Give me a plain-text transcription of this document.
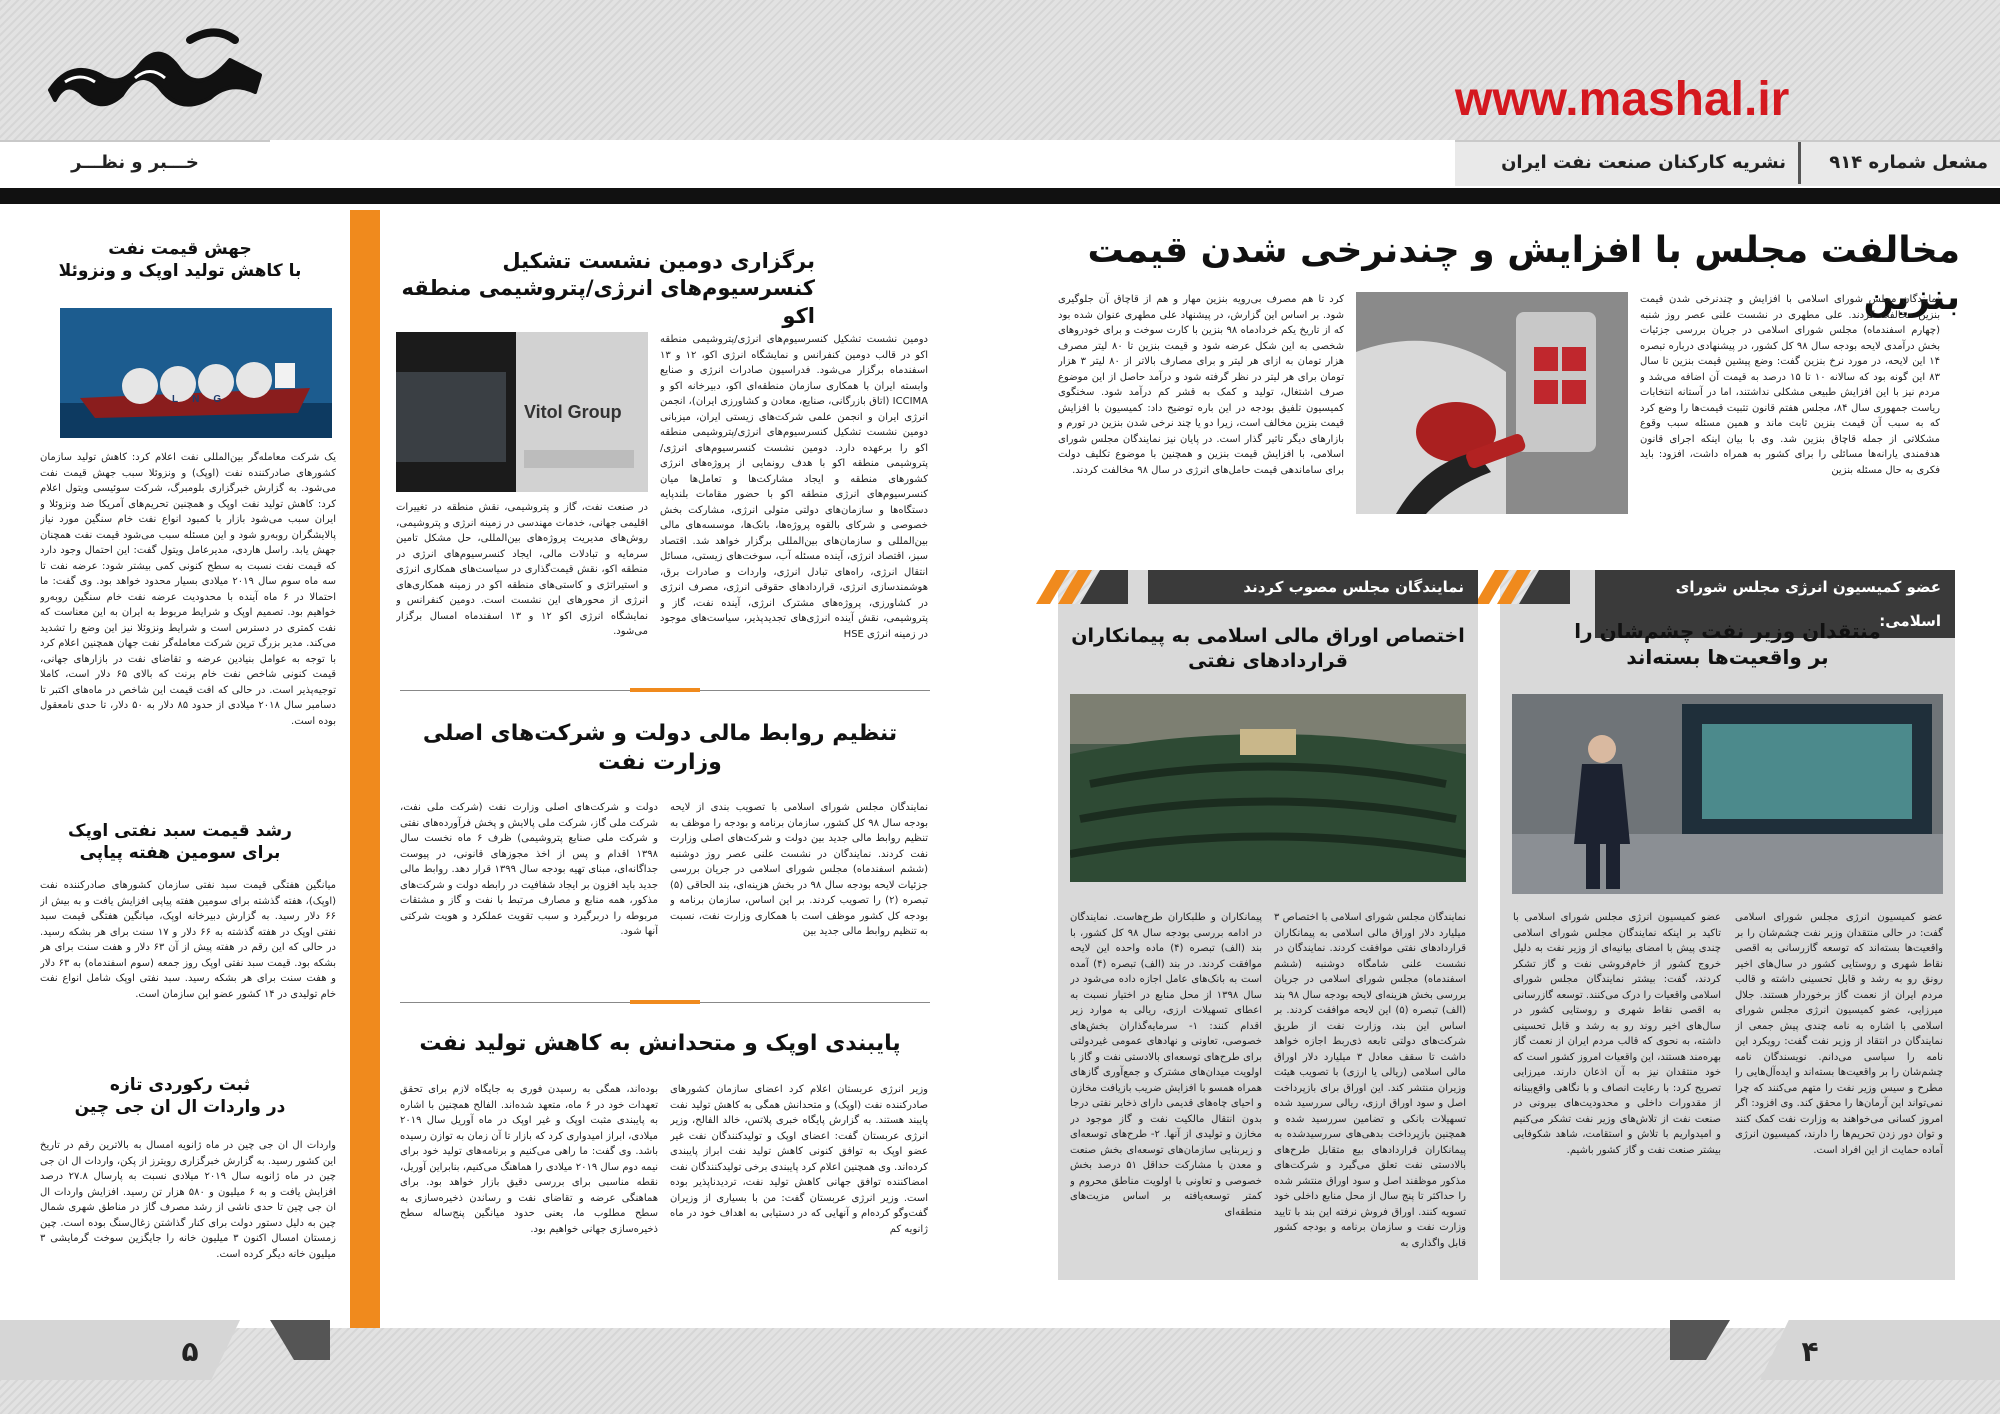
www.mashal.ir
مشعل شماره ۹۱۴
نشریه کارکنان صنعت نفت ایران
خـــبر و نظـــر
مخالفت مجلس با افزایش و چندنرخی شدن قیمت بنزین
نمایندگان مجلس شورای اسلامی با افزایش و چندنرخی شدن قیمت بنزین مخالفت کردند. علی مطهری در نشست علنی عصر روز شنبه (چهارم اسفندماه) مجلس شورای اسلامی در جریان بررسی جزئیات بخش درآمدی لایحه بودجه سال ۹۸ کل کشور، در پیشنهادی درباره تبصره ۱۴ این لایحه، در مورد نرخ بنزین گفت: وضع پیشین قیمت بنزین تا سال ۸۳ این گونه بود که سالانه ۱۰ تا ۱۵ درصد به قیمت آن اضافه می‌شد و مردم نیز با این افزایش طبیعی مشکلی نداشتند، اما در آستانه انتخابات ریاست جمهوری سال ۸۴، مجلس هفتم قانون تثبیت قیمت‌ها را وضع کرد که به سبب آن قیمت بنزین ثابت ماند و همین مسئله سبب وقوع مشکلاتی از جمله قاچاق بنزین شد. وی با بیان اینکه اجرای قانون هدفمندی یارانه‌ها مسائلی را برای کشور به همراه داشت، افزود: باید فکری به حال مسئله بنزین
کرد تا هم مصرف بی‌رویه بنزین مهار و هم از قاچاق آن جلوگیری شود. بر اساس این گزارش، در پیشنهاد علی مطهری عنوان شده بود که از تاریخ یکم خردادماه ۹۸ بنزین با کارت سوخت و برای خودروهای شخصی به این شکل عرضه شود و قیمت بنزین تا ۸۰ لیتر مصرف هزار تومان به ازای هر لیتر و برای مصارف بالاتر از ۸۰ لیتر ۳ هزار تومان برای هر لیتر در نظر گرفته شود و درآمد حاصل از این موضوع صرف اشتغال، تولید و کمک به قشر کم درآمد شود. سخنگوی کمیسیون تلفیق بودجه در این باره توضیح داد: کمیسیون با افزایش قیمت بنزین مخالف است، زیرا دو یا چند نرخی شدن بنزین در تورم و بازارهای دیگر تاثیر گذار است. در پایان نیز نمایندگان مجلس شورای اسلامی، با افزایش قیمت بنزین و همچنین با موضوع تکلیف دولت برای ساماندهی قیمت حامل‌های انرژی در سال ۹۸ مخالفت کردند.
عضو کمیسیون انرژی مجلس شورای اسلامی:
منتقدان وزیر نفت چشم‌شان را
بر واقعیت‌ها بسته‌اند
عضو کمیسیون انرژی مجلس شورای اسلامی گفت: در حالی منتقدان وزیر نفت چشم‌شان را بر واقعیت‌ها بسته‌اند که توسعه گازرسانی به اقصی نقاط شهری و روستایی کشور در سال‌های اخیر رونق رو به رشد و قابل تحسینی داشته و قالب مردم ایران از نعمت گاز برخوردار هستند. جلال میرزایی، عضو کمیسیون انرژی مجلس شورای اسلامی با اشاره به نامه چندی پیش جمعی از نمایندگان در انتقاد از وزیر نفت گفت: رویکرد این نامه را سیاسی می‌دانم. نویسندگان نامه چشم‌شان را بر واقعیت‌ها بسته‌اند و ایده‌آل‌هایی را مطرح و سیس وزیر نفت را متهم می‌کنند که چرا نمی‌تواند این آرمان‌ها را محقق کند. وی افزود: اگر امروز کسانی می‌خواهند به وزارت نفت کمک کنند و توان دور زدن تحریم‌ها را دارند، کمیسیون انرژی آماده حمایت از این افراد است.
عضو کمیسیون انرژی مجلس شورای اسلامی با تاکید بر اینکه نمایندگان مجلس شورای اسلامی چندی پیش با امضای بیانیه‌ای از وزیر نفت به دلیل خروج کشور از خام‌فروشی نفت و گاز تشکر کردند، گفت: بیشتر نمایندگان مجلس شورای اسلامی واقعیات را درک می‌کنند. توسعه گازرسانی به اقصی نقاط شهری و روستایی کشور در سال‌های اخیر روند رو به رشد و قابل تحسینی داشته، به نحوی که قالب مردم ایران از نعمت گاز بهره‌مند هستند، این واقعیات امروز کشور است که خود منتقدان نیز به آن اذعان دارند. میرزایی تصریح کرد: با رعایت انصاف و با نگاهی واقع‌بینانه از مقدورات داخلی و محدودیت‌های بیرونی در صنعت نفت از تلاش‌های وزیر نفت تشکر می‌کنیم و امیدواریم با تلاش و استقامت، شاهد شکوفایی بیشتر صنعت نفت و گاز کشور باشیم.
نمایندگان مجلس مصوب کردند
اختصاص اوراق مالی اسلامی به پیمانکاران
قراردادهای نفتی
نمایندگان مجلس شورای اسلامی با اختصاص ۳ میلیارد دلار اوراق مالی اسلامی به پیمانکاران قراردادهای نفتی موافقت کردند. نمایندگان در نشست علنی شامگاه دوشنبه (ششم اسفندماه) مجلس شورای اسلامی در جریان بررسی بخش هزینه‌ای لایحه بودجه سال ۹۸ بند (الف) تبصره (۵) این لایحه موافقت کردند. بر اساس این بند، وزارت نفت از طریق شرکت‌های دولتی تابعه ذی‌ربط اجازه خواهد داشت تا سقف معادل ۳ میلیارد دلار اوراق مالی اسلامی (ریالی یا ارزی) با تصویب هیئت وزیران منتشر کند. این اوراق برای بازپرداخت اصل و سود اوراق ارزی، ریالی سررسید شده تسهیلات بانکی و تضامین سررسید شده و همچنین بازپرداخت بدهی‌های سررسیدشده به پیمانکاران قراردادهای بیع متقابل طرح‌های بالادستی نفت تعلق می‌گیرد و شرکت‌های مذکور موظفند اصل و سود اوراق منتشر شده را حداکثر تا پنج سال از محل منابع داخلی خود تسویه کنند. اوراق فروش نرفته این بند با تایید وزارت نفت و سازمان برنامه و بودجه کشور قابل واگذاری به
پیمانکاران و طلبکاران طرح‌هاست. نمایندگان در ادامه بررسی بودجه سال ۹۸ کل کشور، با بند (الف) تبصره (۴) ماده واحده این لایحه موافقت کردند. در بند (الف) تبصره (۴) آمده است به بانک‌های عامل اجازه داده می‌شود در سال ۱۳۹۸ از محل منابع در اختیار نسبت به اعطای تسهیلات ارزی، ریالی به موارد زیر اقدام کنند: ۱- سرمایه‌گذاران بخش‌های خصوصی، تعاونی و نهادهای عمومی غیردولتی برای طرح‌های توسعه‌ای بالادستی نفت و گاز با اولویت میدان‌های مشترک و جمع‌آوری گازهای همراه همسو با افزایش ضریب بازیافت مخازن و احیای چاه‌های قدیمی دارای ذخایر نفتی درجا بدون انتقال مالکیت نفت و گاز موجود در مخازن و تولیدی از آنها. ۲- طرح‌های توسعه‌ای و زیربنایی سازمان‌های توسعه‌ای بخش صنعت و معدن با مشارکت حداقل ۵۱ درصد بخش خصوصی و تعاونی با اولویت مناطق محروم و کمتر توسعه‌یافته بر اساس مزیت‌های منطقه‌ای
برگزاری دومین نشست تشکیل
کنسرسیوم‌های انرژی/پتروشیمی منطقه اکو
دومین نشست تشکیل کنسرسیوم‌های انرژی/پتروشیمی منطقه اکو در قالب دومین کنفرانس و نمایشگاه انرژی اکو، ۱۲ و ۱۳ اسفندماه برگزار می‌شود. فدراسیون صادرات انرژی و صنایع وابسته ایران با همکاری سازمان منطقه‌ای اکو، دبیرخانه اکو و ICCIMA (اتاق بازرگانی، صنایع، معادن و کشاورزی ایران)، انجمن انرژی ایران و انجمن علمی شرکت‌های زیستی ایران، میزبانی دومین نشست تشکیل کنسرسیوم‌های انرژی/پتروشیمی منطقه اکو را برعهده دارد. دومین نشست کنسرسیوم‌های انرژی/پتروشیمی منطقه اکو با هدف رونمایی از پروژه‌های انرژی کشورهای منطقه و ایجاد مشارکت‌ها و تعامل‌ها میان کنسرسیوم‌های انرژی منطقه اکو با حضور مقامات بلندپایه دستگاه‌ها و سازمان‌های دولتی متولی انرژی، مشارکت بخش خصوصی و شرکای بالقوه پروژه‌ها، بانک‌ها، موسسه‌های مالی بین‌المللی و سازمان‌های بین‌المللی برگزار خواهد شد. اقتصاد سبز، اقتصاد انرژی، آینده مسئله آب، سوخت‌های زیستی، مسائل انتقال انرژی، راه‌های تبادل انرژی، واردات و صادرات برق، هوشمندسازی انرژی، قراردادهای حقوقی انرژی، مصرف انرژی در کشاورزی، پروژه‌های مشترک انرژی، آینده نفت، گاز و پتروشیمی، نقش آینده انرژی‌های تجدیدپذیر، سیاست‌های موجود در زمینه انرژی HSE
Vitol Group
در صنعت نفت، گاز و پتروشیمی، نقش منطقه در تغییرات اقلیمی جهانی، خدمات مهندسی در زمینه انرژی و پتروشیمی، روش‌های مدیریت پروژه‌های بین‌المللی، حل مشکل تامین سرمایه و تبادلات مالی، ایجاد کنسرسیوم‌های انرژی در منطقه اکو، نقش قیمت‌گذاری در سیاست‌های همکاری انرژی و استیراتژی و کاستی‌های منطقه اکو در زمینه همکاری‌های انرژی از محورهای این نشست است. دومین کنفرانس و نمایشگاه انرژی اکو ۱۲ و ۱۳ اسفندماه امسال برگزار می‌شود.
تنظیم روابط مالی دولت و شرکت‌های اصلی وزارت نفت
نمایندگان مجلس شورای اسلامی با تصویب بندی از لایحه بودجه سال ۹۸ کل کشور، سازمان برنامه و بودجه را موظف به تنظیم روابط مالی جدید بین دولت و شرکت‌های اصلی وزارت نفت کردند. نمایندگان در نشست علنی عصر روز دوشنبه (ششم اسفندماه) مجلس شورای اسلامی در جریان بررسی جزئیات لایحه بودجه سال ۹۸ در بخش هزینه‌ای، بند الحاقی (۵) تبصره (۲) را تصویب کردند. بر این اساس، سازمان برنامه و بودجه کل کشور موظف است با همکاری وزارت نفت، نسبت به تنظیم روابط مالی جدید بین
دولت و شرکت‌های اصلی وزارت نفت (شرکت ملی نفت، شرکت ملی گاز، شرکت ملی پالایش و پخش فرآورده‌های نفتی و شرکت ملی صنایع پتروشیمی) ظرف ۶ ماه نخست سال ۱۳۹۸ اقدام و پس از اخذ مجوزهای قانونی، در پیوست جداگانه‌ای، مبنای تهیه بودجه سال ۱۳۹۹ قرار دهد. روابط مالی جدید باید افزون بر ایجاد شفافیت در رابطه دولت و شرکت‌های مذکور، همه منابع و مصارف مرتبط با نفت و گاز و مشتقات مربوطه را دربرگیرد و سبب تقویت عملکرد و هویت شرکتی آنها شود.
پایبندی اوپک و متحدانش به کاهش تولید نفت
وزیر انرژی عربستان اعلام کرد اعضای سازمان کشورهای صادرکننده نفت (اوپک) و متحدانش همگی به کاهش تولید نفت پایبند هستند. به گزارش پایگاه خبری پلاتس، خالد الفالح، وزیر انرژی عربستان گفت: اعضای اوپک و تولیدکنندگان نفت غیر عضو اوپک به توافق کنونی کاهش تولید نفت ابراز پایبندی کرده‌اند. وی همچنین اعلام کرد پایبندی برخی تولیدکنندگان نفت امضاکننده توافق جهانی کاهش تولید نفت، تردیدناپذیر بوده است. وزیر انرژی عربستان گفت: من با بسیاری از وزیران گفت‌وگو کرده‌ام و آنهایی که در دستیابی به اهداف خود در ماه ژانویه کم
بوده‌اند، همگی به رسیدن فوری به جایگاه لازم برای تحقق تعهدات خود در ۶ ماه، متعهد شده‌اند. الفالح همچنین با اشاره به پایبندی مثبت اوپک و غیر اوپک در ماه آوریل سال ۲۰۱۹ میلادی، ابراز امیدواری کرد که بازار تا آن زمان به توازن رسیده باشد. وی گفت: ما راهی می‌کنیم و برنامه‌های تولید خود برای نیمه دوم سال ۲۰۱۹ میلادی را هماهنگ می‌کنیم، بنابراین آوریل، نقطه مناسبی برای بررسی دقیق بازار خواهد بود. برای هماهنگی عرضه و تقاضای نفت و رساندن ذخیره‌سازی به سطح مطلوب ما، یعنی حدود میانگین پنج‌ساله سطح ذخیره‌سازی جهانی خواهیم بود.
جهش قیمت نفت
با کاهش تولید اوپک و ونزوئلا
LNG
یک شرکت معامله‌گر بین‌المللی نفت اعلام کرد: کاهش تولید سازمان کشورهای صادرکننده نفت (اوپک) و ونزوئلا سبب جهش قیمت نفت می‌شود. به گزارش خبرگزاری بلومبرگ، شرکت سوئیسی ویتول اعلام کرد: کاهش تولید نفت اوپک و همچنین تحریم‌های آمریکا ضد ونزوئلا و ایران سبب می‌شود بازار با کمبود انواع نفت خام سنگین مورد نیاز پالایشگران روبه‌رو شود و این مسئله سبب می‌شود قیمت نفت همچنان جهش یابد. راسل هاردی، مدیرعامل ویتول گفت: این احتمال وجود دارد که قیمت نفت نسبت به سطح کنونی کمی بیشتر شود: عرضه نفت تا سه ماه سوم سال ۲۰۱۹ میلادی بسیار محدود خواهد بود. وی گفت: ما احتمالا در ۶ ماه آینده با محدودیت عرضه نفت خام سنگین روبه‌رو خواهیم بود. تصمیم اوپک و شرایط مربوط به ایران به این معناست که نفت کمتری در دسترس است و شرایط ونزوئلا نیز این وضع را تشدید می‌کند. مدیر بزرگ ترین شرکت معامله‌گر نفت جهان همچنین اعلام کرد با توجه به عوامل بنیادین عرضه و تقاضای نفت در بازارهای جهانی، قیمت کنونی شاخص نفت خام برنت که بالای ۶۵ دلار است، کاملا توجیه‌پذیر است. در حالی که افت قیمت این شاخص در ماه‌های اکتبر تا دسامبر سال ۲۰۱۸ میلادی از حدود ۸۵ دلار به ۵۰ دلار، تا حدی نامعقول بوده است.
رشد قیمت سبد نفتی اوپک
برای سومین هفته پیاپی
میانگین هفتگی قیمت سبد نفتی سازمان کشورهای صادرکننده نفت (اوپک)، هفته گذشته برای سومین هفته پیاپی افزایش یافت و به بیش از ۶۶ دلار رسید. به گزارش دبیرخانه اوپک، میانگین هفتگی قیمت سبد نفتی اوپک در هفته گذشته به ۶۶ دلار و ۱۷ سنت برای هر بشکه رسید. در حالی که این رقم در هفته پیش از آن ۶۳ دلار و هفت سنت برای هر بشکه بود. قیمت سبد نفتی اوپک روز جمعه (سوم اسفندماه) به ۶۳ دلار و هفت سنت برای هر بشکه رسید. سبد نفتی اوپک شامل انواع نفت خام تولیدی در ۱۴ کشور عضو این سازمان است.
ثبت رکوردی تازه
در واردات ال ان جی چین
واردات ال ان جی چین در ماه ژانویه امسال به بالاترین رقم در تاریخ این کشور رسید. به گزارش خبرگزاری رویترز از پکن، واردات ال ان جی چین در ماه ژانویه سال ۲۰۱۹ میلادی نسبت به پارسال ۲۷.۸ درصد افزایش یافت و به ۶ میلیون و ۵۸۰ هزار تن رسید. افزایش واردات ال ان جی چین تا حدی ناشی از رشد مصرف گاز در مناطق شهری شمال چین به دلیل دستور دولت برای کنار گذاشتن زغال‌سنگ بوده است. چین زمستان امسال اکنون ۳ میلیون خانه را جایگزین سوخت گرمایشی ۳ میلیون خانه دیگر کرده است.
۵	۴
